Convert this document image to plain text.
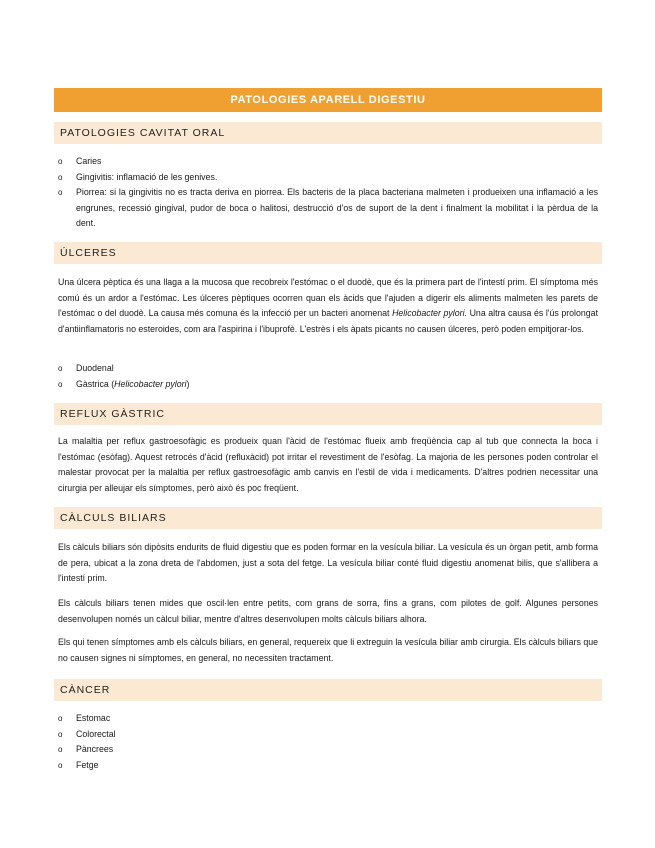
PATOLOGIES APARELL DIGESTIU
PATOLOGIES CAVITAT ORAL
o Caries
o Gingivitis: inflamació de les genives.
o Piorrea: si la gingivitis no es tracta deriva en piorrea. Els bacteris de la placa bacteriana malmeten i produeixen una inflamació a les engrunes, recessió gingival, pudor de boca o halitosi, destrucció d'os de suport de la dent i finalment la mobilitat i la pèrdua de la dent.
ÚLCERES

Una úlcera pèptica és una llaga a la mucosa que recobreix l'estómac o el duodè, que és la primera part de l'intestí prim. El símptoma més comú és un ardor a l'estómac. Les úlceres pèptiques ocorren quan els àcids que l'ajuden a digerir els aliments malmeten les parets de l'estómac o del duodè. La causa més comuna és la infecció per un bacteri anomenat Helicobacter pylori. Una altra causa és l'ús prolongat d'antiinflamatoris no esteroides, com ara l'aspirina i l'ibuprofè. L'estrès i els àpats picants no causen úlceres, però poden empitjorar-los.

o Duodenal
o Gàstrica (Helicobacter pylori)
REFLUX GÀSTRIC

La malaltia per reflux gastroesofàgic es produeix quan l'àcid de l'estómac flueix amb freqüència cap al tub que connecta la boca i l'estómac (esòfag). Aquest retrocés d'àcid (refluxàcid) pot irritar el revestiment de l'esòfag. La majoria de les persones poden controlar el malestar provocat per la malaltia per reflux gastroesofàgic amb canvis en l'estil de vida i medicaments. D'altres podrien necessitar una cirurgia per alleujar els símptomes, però això és poc freqüent.

CÀLCULS BILIARS

Els càlculs biliars són dipòsits endurits de fluid digestiu que es poden formar en la vesícula biliar. La vesícula és un òrgan petit, amb forma de pera, ubicat a la zona dreta de l'abdomen, just a sota del fetge. La vesícula biliar conté fluid digestiu anomenat bilis, que s'allibera a l'intestí prim.

Els càlculs biliars tenen mides que oscil·len entre petits, com grans de sorra, fins a grans, com pilotes de golf. Algunes persones desenvolupen només un càlcul biliar, mentre d'altres desenvolupen molts càlculs biliars alhora.

Els qui tenen símptomes amb els càlculs biliars, en general, requereix que li extreguin la vesícula biliar amb cirurgia. Els càlculs biliars que no causen signes ni símptomes, en general, no necessiten tractament.

CÀNCER
o Estomac
o Colorectal
o Pàncrees
o Fetge
